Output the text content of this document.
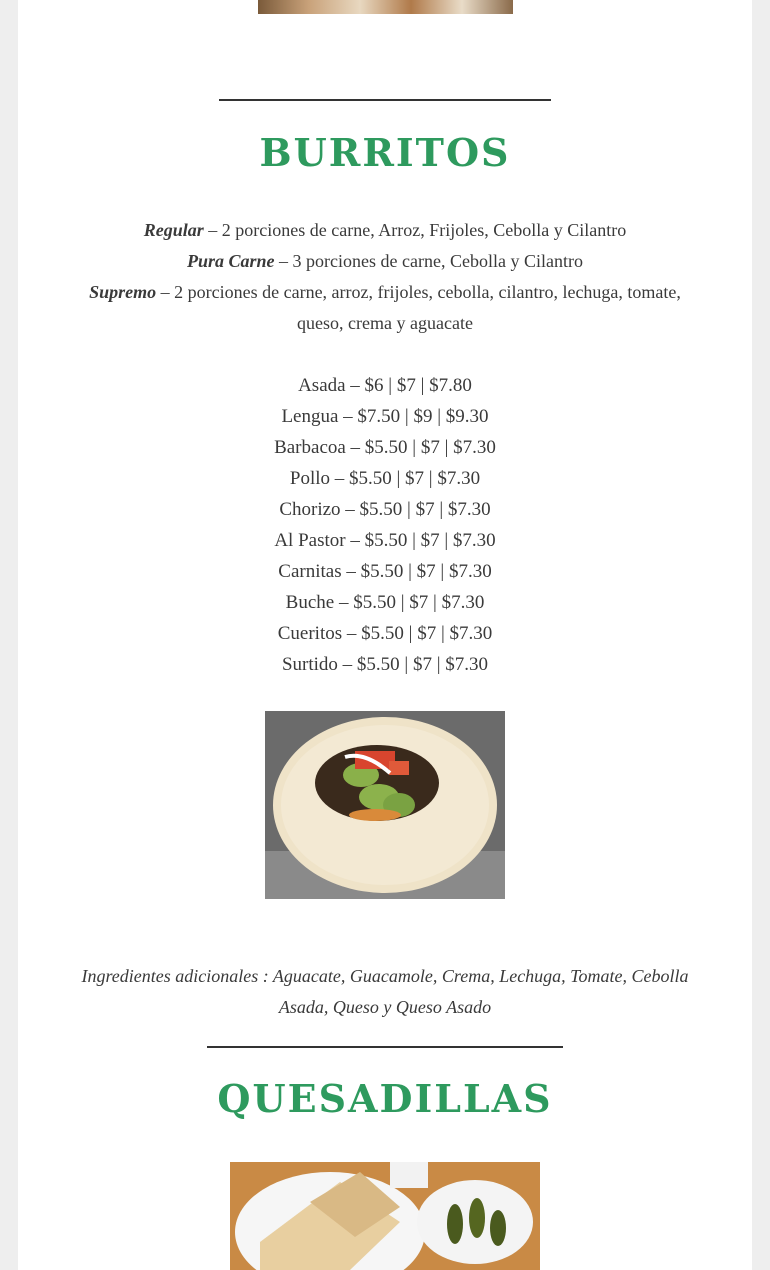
BURRITOS
Regular – 2 porciones de carne, Arroz, Frijoles, Cebolla y Cilantro
Pura Carne – 3 porciones de carne, Cebolla y Cilantro
Supremo – 2 porciones de carne, arroz, frijoles, cebolla, cilantro, lechuga, tomate, queso, crema y aguacate
Asada – $6 | $7 | $7.80
Lengua – $7.50 | $9 | $9.30
Barbacoa – $5.50 | $7 | $7.30
Pollo – $5.50 | $7 | $7.30
Chorizo – $5.50 | $7 | $7.30
Al Pastor – $5.50 | $7 | $7.30
Carnitas – $5.50 | $7 | $7.30
Buche – $5.50 | $7 | $7.30
Cueritos – $5.50 | $7 | $7.30
Surtido – $5.50 | $7 | $7.30
Ingredientes adicionales : Aguacate, Guacamole, Crema, Lechuga, Tomate, Cebolla Asada, Queso y Queso Asado
QUESADILLAS
